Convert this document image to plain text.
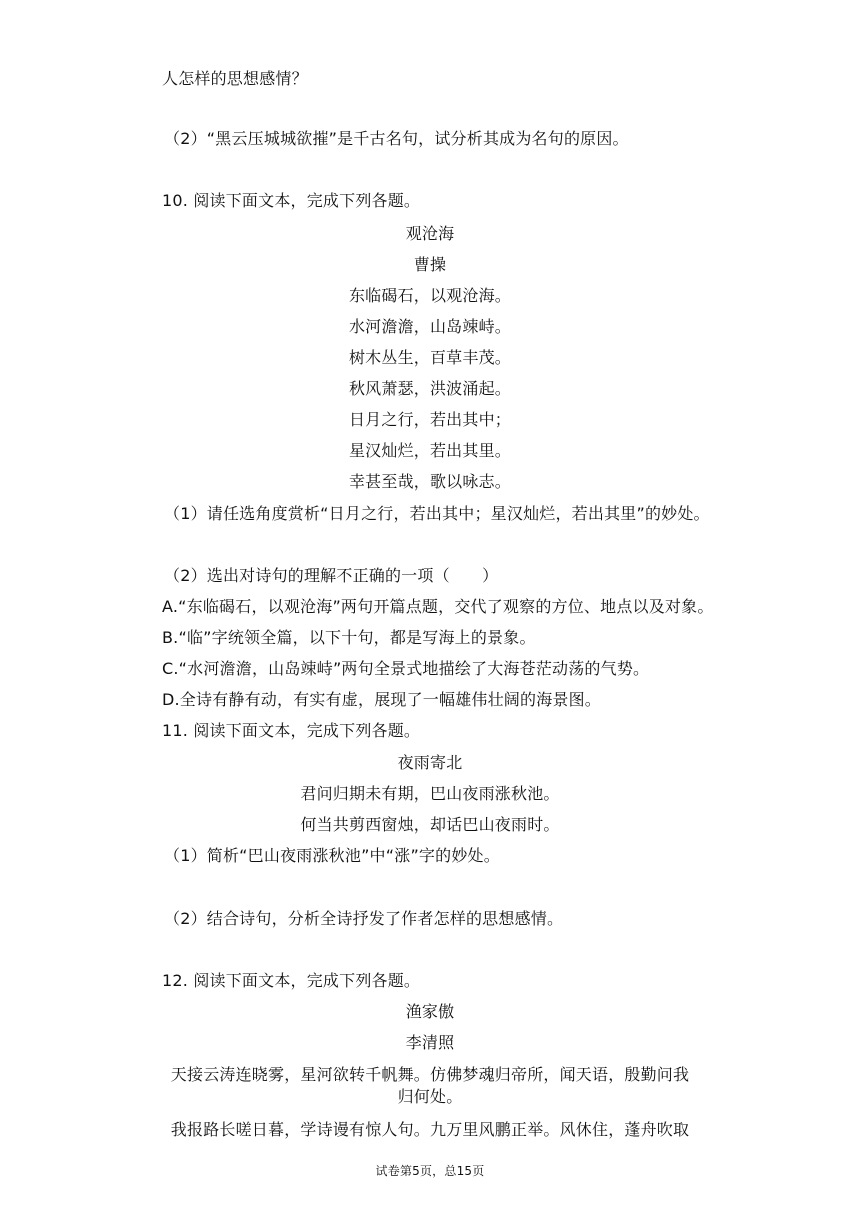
人怎样的思想感情？
（2）“黑云压城城欲摧”是千古名句，试分析其成为名句的原因。
10. 阅读下面文本，完成下列各题。
观沧海
曹操
东临碣石，以观沧海。
水河澹澹，山岛竦峙。
树木丛生，百草丰茂。
秋风萧瑟，洪波涌起。
日月之行，若出其中；
星汉灿烂，若出其里。
幸甚至哉，歌以咏志。
（1）请任选角度赏析“日月之行，若出其中；星汉灿烂，若出其里”的妙处。
（2）选出对诗句的理解不正确的一项（　　）
A.“东临碣石，以观沧海”两句开篇点题，交代了观察的方位、地点以及对象。
B.“临”字统领全篇，以下十句，都是写海上的景象。
C.“水河澹澹，山岛竦峙”两句全景式地描绘了大海苍茫动荡的气势。
D.全诗有静有动，有实有虚，展现了一幅雄伟壮阔的海景图。
11. 阅读下面文本，完成下列各题。
夜雨寄北
君问归期未有期，巴山夜雨涨秋池。
何当共剪西窗烛，却话巴山夜雨时。
（1）简析“巴山夜雨涨秋池”中“涨”字的妙处。
（2）结合诗句，分析全诗抒发了作者怎样的思想感情。
12. 阅读下面文本，完成下列各题。
渔家傲
李清照
天接云涛连晓雾，星河欲转千帆舞。仿佛梦魂归帝所，闻天语，殷勤问我
归何处。
我报路长嗟日暮，学诗谩有惊人句。九万里风鹏正举。风休住，蓬舟吹取
试卷第5页，总15页
